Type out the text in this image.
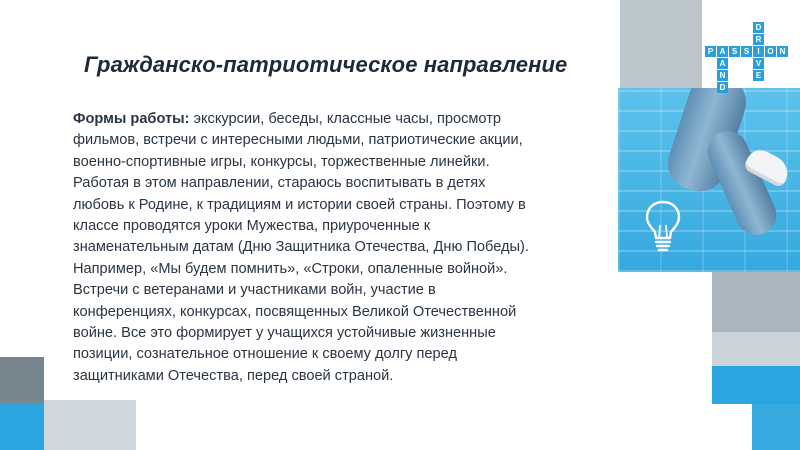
P A S S	I O N
A
N
D
D
R
V
E
Гражданско-патриотическое направление

Формы работы: экскурсии, беседы, классные часы, просмотр
фильмов, встречи с интересными людьми, патриотические акции,
военно-спортивные игры, конкурсы, торжественные линейки.
Работая в этом направлении, стараюсь воспитывать в детях
любовь к Родине, к традициям и истории своей страны. Поэтому в
классе проводятся уроки Мужества, приуроченные к
знаменательным датам (Дню Защитника Отечества, Дню Победы).
Например, «Мы будем помнить», «Строки, опаленные войной».
Встречи с ветеранами и участниками войн, участие в
конференциях, конкурсах, посвященных Великой Отечественной
войне. Все это формирует у учащихся устойчивые жизненные
позиции, сознательное отношение к своему долгу перед
защитниками Отечества, перед своей страной.
